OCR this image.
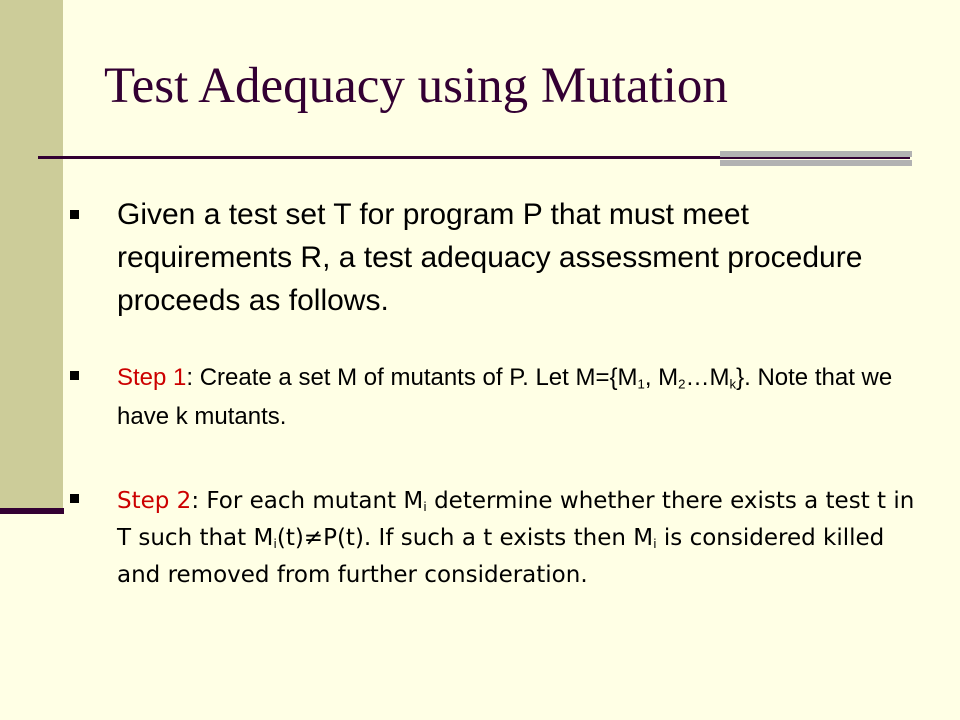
Test Adequacy using Mutation
Given a test set T for program P that must meet requirements R, a test adequacy assessment procedure proceeds as follows.
Step 1: Create a set M of mutants of P. Let $M=\{M_1$, $M_2\dots M_k$}. Note that we have k mutants.
Step 2: For each mutant $M_i$ determine whether there exists a test t in T such that $M_i(t)\ne P(t)$. If such a t exists then $M_i$ is considered killed and removed from further consideration.
